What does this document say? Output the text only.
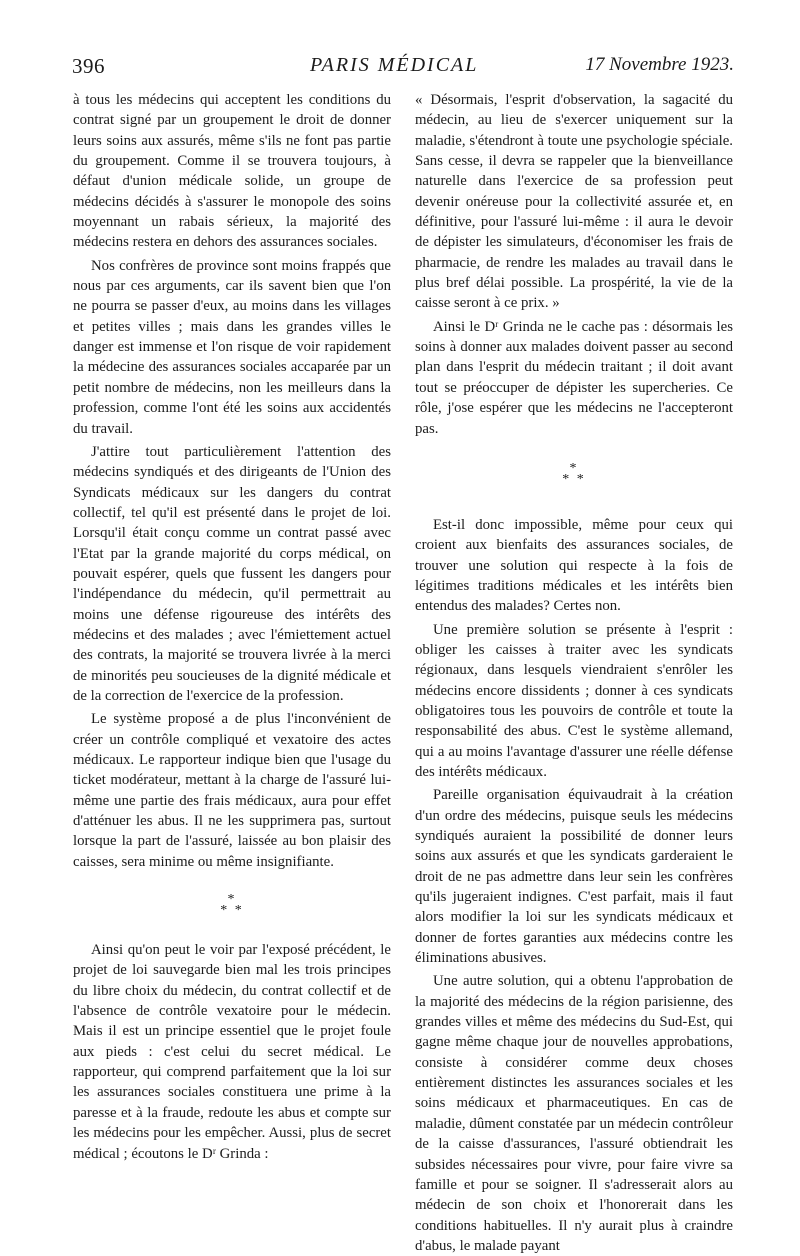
396	PARIS MÉDICAL	17 Novembre 1923.

à tous les médecins qui acceptent les conditions du contrat signé par un groupement le droit de donner leurs soins aux assurés, même s'ils ne font pas partie du groupement. Comme il se trouvera toujours, à défaut d'union médicale solide, un groupe de médecins décidés à s'assurer le monopole des soins moyennant un rabais sérieux, la majorité des médecins restera en dehors des assurances sociales.

Nos confrères de province sont moins frappés que nous par ces arguments, car ils savent bien que l'on ne pourra se passer d'eux, au moins dans les villages et petites villes ; mais dans les grandes villes le danger est immense et l'on risque de voir rapidement la médecine des assurances sociales accaparée par un petit nombre de médecins, non les meilleurs dans la profession, comme l'ont été les soins aux accidentés du travail.

J'attire tout particulièrement l'attention des médecins syndiqués et des dirigeants de l'Union des Syndicats médicaux sur les dangers du contrat collectif, tel qu'il est présenté dans le projet de loi. Lorsqu'il était conçu comme un contrat passé avec l'Etat par la grande majorité du corps médical, on pouvait espérer, quels que fussent les dangers pour l'indépendance du médecin, qu'il permettrait au moins une défense rigoureuse des intérêts des médecins et des malades ; avec l'émiettement actuel des contrats, la majorité se trouvera livrée à la merci de minorités peu soucieuses de la dignité médicale et de la correction de l'exercice de la profession.

Le système proposé a de plus l'inconvénient de créer un contrôle compliqué et vexatoire des actes médicaux. Le rapporteur indique bien que l'usage du ticket modérateur, mettant à la charge de l'assuré lui-même une partie des frais médicaux, aura pour effet d'atténuer les abus. Il ne les supprimera pas, surtout lorsque la part de l'assuré, laissée au bon plaisir des caisses, sera minime ou même insignifiante.

*
* *

Ainsi qu'on peut le voir par l'exposé précédent, le projet de loi sauvegarde bien mal les trois principes du libre choix du médecin, du contrat collectif et de l'absence de contrôle vexatoire pour le médecin. Mais il est un principe essentiel que le projet foule aux pieds : c'est celui du secret médical. Le rapporteur, qui comprend parfaitement que la loi sur les assurances sociales constituera une prime à la paresse et à la fraude, redoute les abus et compte sur les médecins pour les empêcher. Aussi, plus de secret médical ; écoutons le Dʳ Grinda :

« Désormais, l'esprit d'observation, la sagacité du médecin, au lieu de s'exercer uniquement sur la maladie, s'étendront à toute une psychologie spéciale. Sans cesse, il devra se rappeler que la bienveillance naturelle dans l'exercice de sa profession peut devenir onéreuse pour la collectivité assurée et, en définitive, pour l'assuré lui-même : il aura le devoir de dépister les simulateurs, d'économiser les frais de pharmacie, de rendre les malades au travail dans le plus bref délai possible. La prospérité, la vie de la caisse seront à ce prix. »

Ainsi le Dʳ Grinda ne le cache pas : désormais les soins à donner aux malades doivent passer au second plan dans l'esprit du médecin traitant ; il doit avant tout se préoccuper de dépister les supercheries. Ce rôle, j'ose espérer que les médecins ne l'accepteront pas.

*
* *

Est-il donc impossible, même pour ceux qui croient aux bienfaits des assurances sociales, de trouver une solution qui respecte à la fois de légitimes traditions médicales et les intérêts bien entendus des malades? Certes non.

Une première solution se présente à l'esprit : obliger les caisses à traiter avec les syndicats régionaux, dans lesquels viendraient s'enrôler les médecins encore dissidents ; donner à ces syndicats obligatoires tous les pouvoirs de contrôle et toute la responsabilité des abus. C'est le système allemand, qui a au moins l'avantage d'assurer une réelle défense des intérêts médicaux.

Pareille organisation équivaudrait à la création d'un ordre des médecins, puisque seuls les médecins syndiqués auraient la possibilité de donner leurs soins aux assurés et que les syndicats garderaient le droit de ne pas admettre dans leur sein les confrères qu'ils jugeraient indignes. C'est parfait, mais il faut alors modifier la loi sur les syndicats médicaux et donner de fortes garanties aux médecins contre les éliminations abusives.

Une autre solution, qui a obtenu l'approbation de la majorité des médecins de la région parisienne, des grandes villes et même des médecins du Sud-Est, qui gagne même chaque jour de nouvelles approbations, consiste à considérer comme deux choses entièrement distinctes les assurances sociales et les soins médicaux et pharmaceutiques. En cas de maladie, dûment constatée par un médecin contrôleur de la caisse d'assurances, l'assuré obtiendrait les subsides nécessaires pour vivre, pour faire vivre sa famille et pour se soigner. Il s'adresserait alors au médecin de son choix et l'honorerait dans les conditions habituelles. Il n'y aurait plus à craindre d'abus, le malade payant
